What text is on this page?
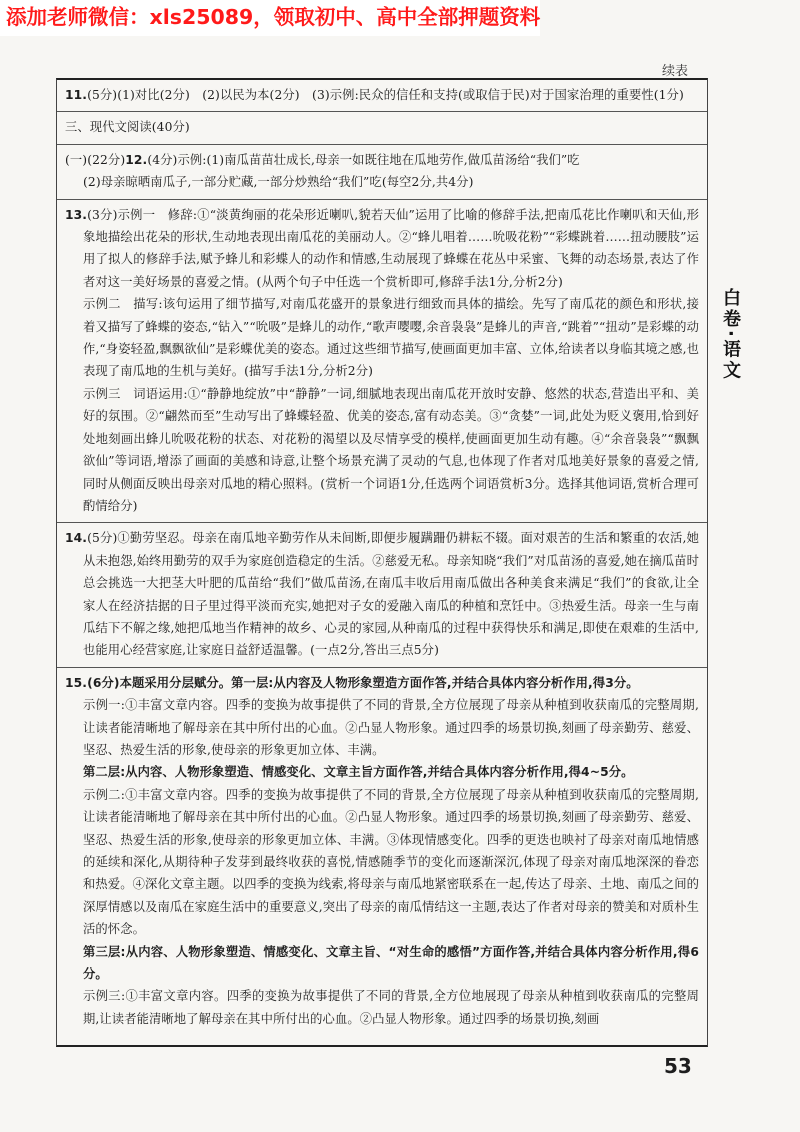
添加老师微信：xls25089，领取初中、高中全部押题资料
续表

11.(5分)(1)对比(2分)　(2)以民为本(2分)　(3)示例:民众的信任和支持(或取信于民)对于国家治理的重要性(1分)

三、现代文阅读(40分)

(一)(22分)12.(4分)示例:(1)南瓜苗苗壮成长,母亲一如既往地在瓜地劳作,做瓜苗汤给“我们”吃

(2)母亲晾晒南瓜子,一部分贮藏,一部分炒熟给“我们”吃(每空2分,共4分)

13.(3分)示例一　修辞:①“淡黄绚丽的花朵形近喇叭,貌若天仙”运用了比喻的修辞手法,把南瓜花比作喇叭和天仙,形象地描绘出花朵的形状,生动地表现出南瓜花的美丽动人。②“蜂儿唱着……吮吸花粉”“彩蝶跳着……扭动腰肢”运用了拟人的修辞手法,赋予蜂儿和彩蝶人的动作和情感,生动展现了蜂蝶在花丛中采蜜、飞舞的动态场景,表达了作者对这一美好场景的喜爱之情。(从两个句子中任选一个赏析即可,修辞手法1分,分析2分)

示例二　描写:该句运用了细节描写,对南瓜花盛开的景象进行细致而具体的描绘。先写了南瓜花的颜色和形状,接着又描写了蜂蝶的姿态,“钻入”“吮吸”是蜂儿的动作,“歌声嘤嘤,余音袅袅”是蜂儿的声音,“跳着”“扭动”是彩蝶的动作,“身姿轻盈,飘飘欲仙”是彩蝶优美的姿态。通过这些细节描写,使画面更加丰富、立体,给读者以身临其境之感,也表现了南瓜地的生机与美好。(描写手法1分,分析2分)

示例三　词语运用:①“静静地绽放”中“静静”一词,细腻地表现出南瓜花开放时安静、悠然的状态,营造出平和、美好的氛围。②“翩然而至”生动写出了蜂蝶轻盈、优美的姿态,富有动态美。③“贪婪”一词,此处为贬义褒用,恰到好处地刻画出蜂儿吮吸花粉的状态、对花粉的渴望以及尽情享受的模样,使画面更加生动有趣。④“余音袅袅”“飘飘欲仙”等词语,增添了画面的美感和诗意,让整个场景充满了灵动的气息,也体现了作者对瓜地美好景象的喜爱之情,同时从侧面反映出母亲对瓜地的精心照料。(赏析一个词语1分,任选两个词语赏析3分。选择其他词语,赏析合理可酌情给分)

14.(5分)①勤劳坚忍。母亲在南瓜地辛勤劳作从未间断,即便步履蹒跚仍耕耘不辍。面对艰苦的生活和繁重的农活,她从未抱怨,始终用勤劳的双手为家庭创造稳定的生活。②慈爱无私。母亲知晓“我们”对瓜苗汤的喜爱,她在摘瓜苗时总会挑选一大把茎大叶肥的瓜苗给“我们”做瓜苗汤,在南瓜丰收后用南瓜做出各种美食来满足“我们”的食欲,让全家人在经济拮据的日子里过得平淡而充实,她把对子女的爱融入南瓜的种植和烹饪中。③热爱生活。母亲一生与南瓜结下不解之缘,她把瓜地当作精神的故乡、心灵的家园,从种南瓜的过程中获得快乐和满足,即使在艰难的生活中,也能用心经营家庭,让家庭日益舒适温馨。(一点2分,答出三点5分)

15.(6分)本题采用分层赋分。第一层:从内容及人物形象塑造方面作答,并结合具体内容分析作用,得3分。

示例一:①丰富文章内容。四季的变换为故事提供了不同的背景,全方位展现了母亲从种植到收获南瓜的完整周期,让读者能清晰地了解母亲在其中所付出的心血。②凸显人物形象。通过四季的场景切换,刻画了母亲勤劳、慈爱、坚忍、热爱生活的形象,使母亲的形象更加立体、丰满。

第二层:从内容、人物形象塑造、情感变化、文章主旨方面作答,并结合具体内容分析作用,得4~5分。

示例二:①丰富文章内容。四季的变换为故事提供了不同的背景,全方位展现了母亲从种植到收获南瓜的完整周期,让读者能清晰地了解母亲在其中所付出的心血。②凸显人物形象。通过四季的场景切换,刻画了母亲勤劳、慈爱、坚忍、热爱生活的形象,使母亲的形象更加立体、丰满。③体现情感变化。四季的更迭也映衬了母亲对南瓜地情感的延续和深化,从期待种子发芽到最终收获的喜悦,情感随季节的变化而逐渐深沉,体现了母亲对南瓜地深深的眷恋和热爱。④深化文章主题。以四季的变换为线索,将母亲与南瓜地紧密联系在一起,传达了母亲、土地、南瓜之间的深厚情感以及南瓜在家庭生活中的重要意义,突出了母亲的南瓜情结这一主题,表达了作者对母亲的赞美和对质朴生活的怀念。

第三层:从内容、人物形象塑造、情感变化、文章主旨、“对生命的感悟”方面作答,并结合具体内容分析作用,得6分。

示例三:①丰富文章内容。四季的变换为故事提供了不同的背景,全方位地展现了母亲从种植到收获南瓜的完整周期,让读者能清晰地了解母亲在其中所付出的心血。②凸显人物形象。通过四季的场景切换,刻画

白卷·语文
53
